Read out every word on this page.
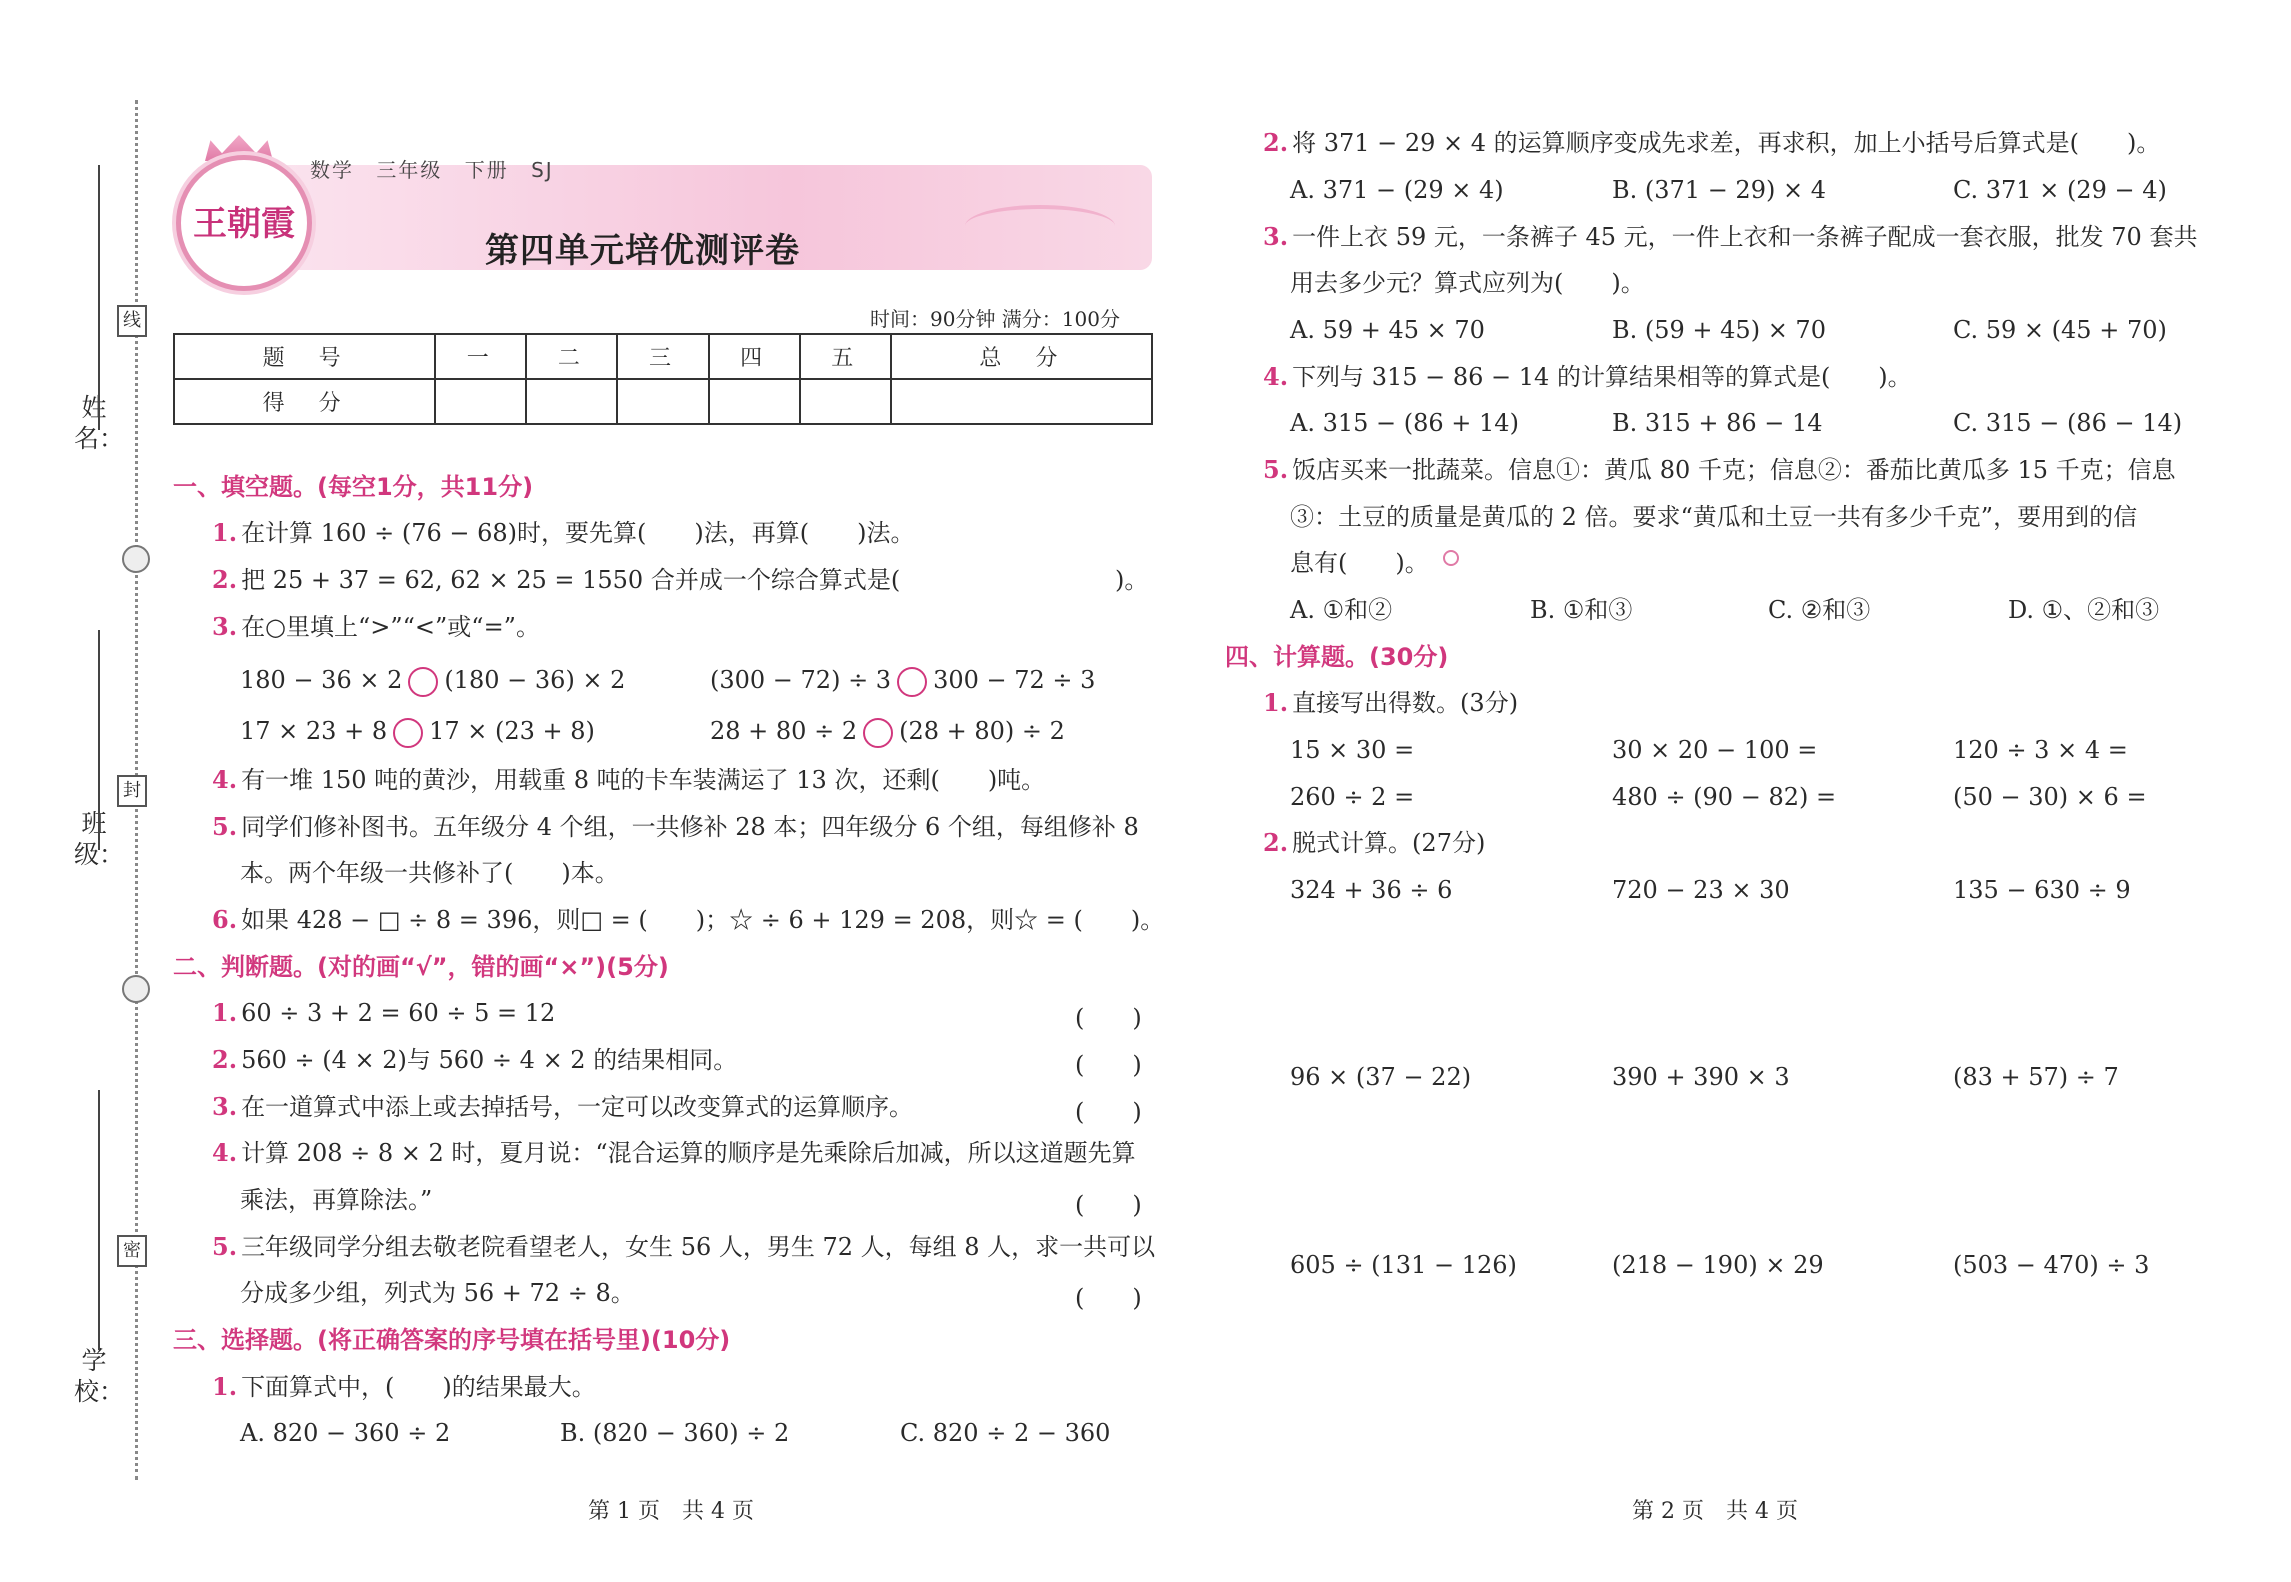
姓
名：
班
级：
学
校：
线
封
密
王朝霞
数学 三年级 下册 SJ
第四单元培优测评卷
时间：90分钟 满分：100分
题　号	一	二	三	四	五	总　分
得　分						
一、填空题。(每空1分，共11分)
1. 在计算 160 ÷ (76 − 68)时，要先算(　　)法，再算(　　)法。
2. 把 25 + 37 = 62, 62 × 25 = 1550 合并成一个综合算式是(	)。
3. 在○里填上“>”“<”或“=”。
180 − 36 × 2 (180 − 36) × 2	(300 − 72) ÷ 3 300 − 72 ÷ 3
17 × 23 + 8 17 × (23 + 8)	28 + 80 ÷ 2 (28 + 80) ÷ 2
4. 有一堆 150 吨的黄沙，用载重 8 吨的卡车装满运了 13 次，还剩(　　)吨。
5. 同学们修补图书。五年级分 4 个组，一共修补 28 本；四年级分 6 个组，每组修补 8
本。两个年级一共修补了(　　)本。
6. 如果 428 − □ ÷ 8 = 396，则□ = (　　)；☆ ÷ 6 + 129 = 208，则☆ = (　　)。
二、判断题。(对的画“√”，错的画“×”)(5分)
1. 60 ÷ 3 + 2 = 60 ÷ 5 = 12	(　　)
2. 560 ÷ (4 × 2)与 560 ÷ 4 × 2 的结果相同。	(　　)
3. 在一道算式中添上或去掉括号，一定可以改变算式的运算顺序。	(　　)
4. 计算 208 ÷ 8 × 2 时，夏月说：“混合运算的顺序是先乘除后加减，所以这道题先算
乘法，再算除法。”	(　　)
5. 三年级同学分组去敬老院看望老人，女生 56 人，男生 72 人，每组 8 人，求一共可以
分成多少组，列式为 56 + 72 ÷ 8。	(　　)
三、选择题。(将正确答案的序号填在括号里)(10分)
1. 下面算式中，(　　)的结果最大。
A. 820 − 360 ÷ 2	B. (820 − 360) ÷ 2	C. 820 ÷ 2 − 360
第 1 页　共 4 页
2. 将 371 − 29 × 4 的运算顺序变成先求差，再求积，加上小括号后算式是(　　)。
A. 371 − (29 × 4)	B. (371 − 29) × 4	C. 371 × (29 − 4)
3. 一件上衣 59 元，一条裤子 45 元，一件上衣和一条裤子配成一套衣服，批发 70 套共
用去多少元？算式应列为(　　)。
A. 59 + 45 × 70	B. (59 + 45) × 70	C. 59 × (45 + 70)
4. 下列与 315 − 86 − 14 的计算结果相等的算式是(　　)。
A. 315 − (86 + 14)	B. 315 + 86 − 14	C. 315 − (86 − 14)
5. 饭店买来一批蔬菜。信息①：黄瓜 80 千克；信息②：番茄比黄瓜多 15 千克；信息
③：土豆的质量是黄瓜的 2 倍。要求“黄瓜和土豆一共有多少千克”，要用到的信
息有(　　)。
A. ①和②	B. ①和③	C. ②和③	D. ①、②和③
四、计算题。(30分)
1. 直接写出得数。(3分)
15 × 30 =	30 × 20 − 100 =	120 ÷ 3 × 4 =
260 ÷ 2 =	480 ÷ (90 − 82) =	(50 − 30) × 6 =
2. 脱式计算。(27分)
324 + 36 ÷ 6	720 − 23 × 30	135 − 630 ÷ 9
96 × (37 − 22)	390 + 390 × 3	(83 + 57) ÷ 7
605 ÷ (131 − 126)	(218 − 190) × 29	(503 − 470) ÷ 3
第 2 页　共 4 页
